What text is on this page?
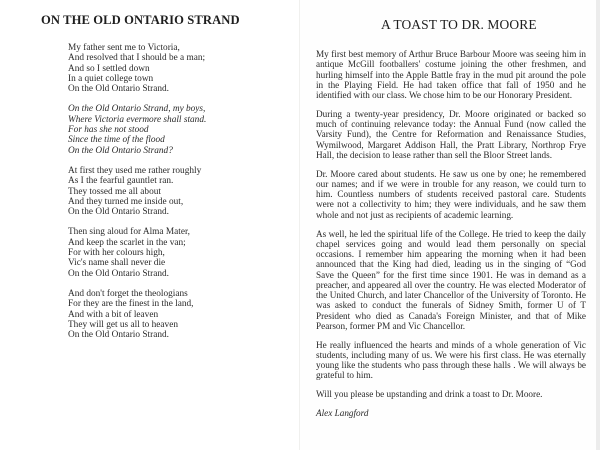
ON THE OLD ONTARIO STRAND
My father sent me to Victoria,
And resolved that I should be a man;
And so I settled down
In a quiet college town
On the Old Ontario Strand.
On the Old Ontario Strand, my boys,
Where Victoria evermore shall stand.
For has she not stood
Since the time of the flood
On the Old Ontario Strand?
At first they used me rather roughly
As I the fearful gauntlet ran.
They tossed me all about
And they turned me inside out,
On the Old Ontario Strand.
Then sing aloud for Alma Mater,
And keep the scarlet in the van;
For with her colours high,
Vic's name shall never die
On the Old Ontario Strand.
And don't forget the theologians
For they are the finest in the land,
And with a bit of leaven
They will get us all to heaven
On the Old Ontario Strand.
A TOAST TO DR. MOORE

My first best memory of Arthur Bruce Barbour Moore was seeing him in antique McGill footballers' costume joining the other freshmen, and hurling himself into the Apple Battle fray in the mud pit around the pole in the Playing Field. He had taken office that fall of 1950 and he identified with our class. We chose him to be our Honorary President.

During a twenty-year presidency, Dr. Moore originated or backed so much of continuing relevance today: the Annual Fund (now called the Varsity Fund), the Centre for Reformation and Renaissance Studies, Wymilwood, Margaret Addison Hall, the Pratt Library, Northrop Frye Hall, the decision to lease rather than sell the Bloor Street lands.

Dr. Moore cared about students. He saw us one by one; he remembered our names; and if we were in trouble for any reason, we could turn to him. Countless numbers of students received pastoral care. Students were not a collectivity to him; they were individuals, and he saw them whole and not just as recipients of academic learning.

As well, he led the spiritual life of the College. He tried to keep the daily chapel services going and would lead them personally on special occasions. I remember him appearing the morning when it had been announced that the King had died, leading us in the singing of “God Save the Queen” for the first time since 1901. He was in demand as a preacher, and appeared all over the country. He was elected Moderator of the United Church, and later Chancellor of the University of Toronto. He was asked to conduct the funerals of Sidney Smith, former U of T President who died as Canada's Foreign Minister, and that of Mike Pearson, former PM and Vic Chancellor.

He really influenced the hearts and minds of a whole generation of Vic students, including many of us. We were his first class. He was eternally young like the students who pass through these halls . We will always be grateful to him.

Will you please be upstanding and drink a toast to Dr. Moore.

Alex Langford
